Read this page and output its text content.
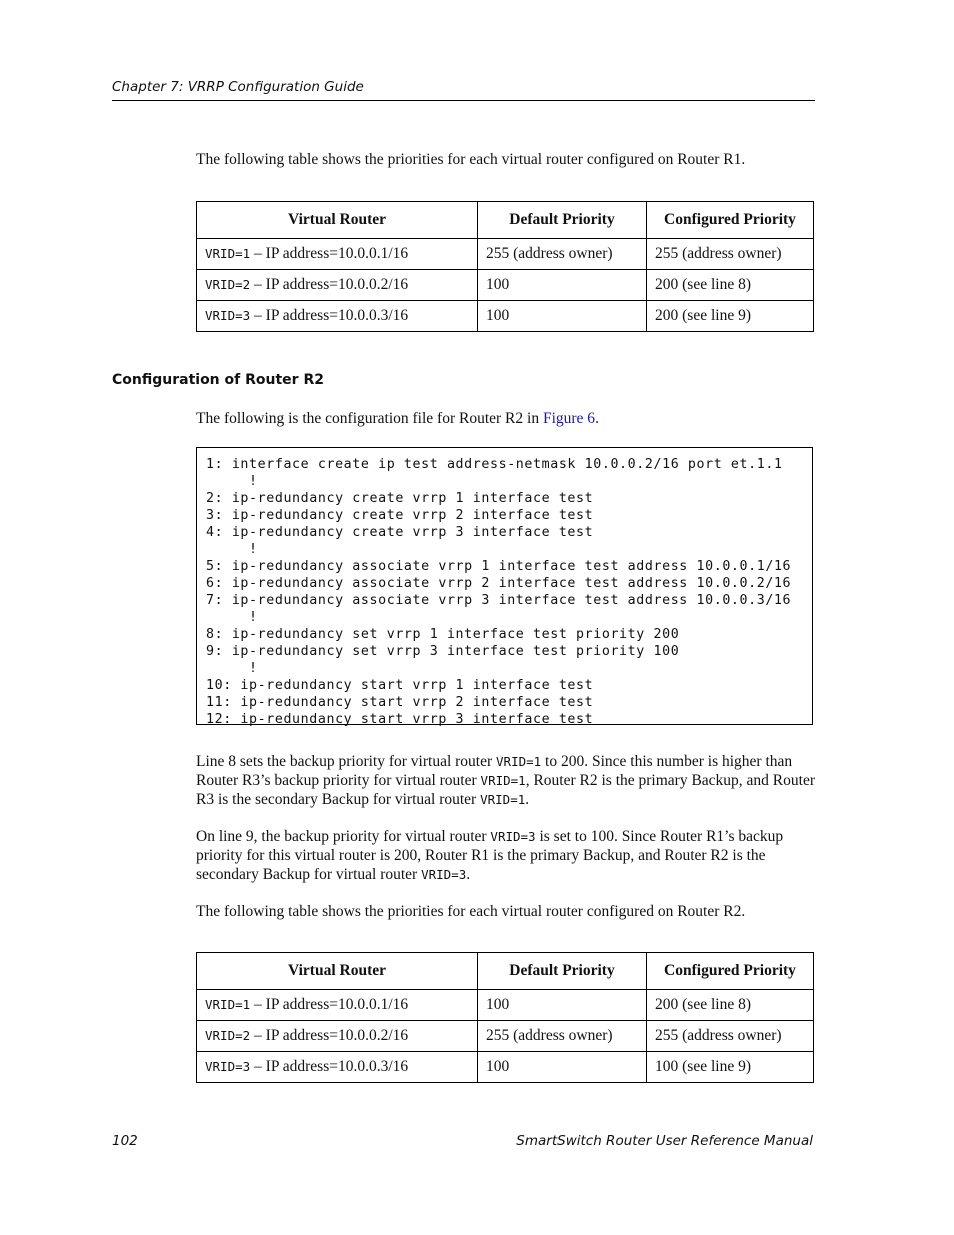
Chapter 7: VRRP Configuration Guide
The following table shows the priorities for each virtual router configured on Router R1.
Virtual Router	Default Priority	Configured Priority
VRID=1 – IP address=10.0.0.1/16	255 (address owner)	255 (address owner)
VRID=2 – IP address=10.0.0.2/16	100	200 (see line 8)
VRID=3 – IP address=10.0.0.3/16	100	200 (see line 9)
Configuration of Router R2
The following is the configuration file for Router R2 in Figure 6.
1: interface create ip test address-netmask 10.0.0.2/16 port et.1.1
!
2: ip-redundancy create vrrp 1 interface test
3: ip-redundancy create vrrp 2 interface test
4: ip-redundancy create vrrp 3 interface test
!
5: ip-redundancy associate vrrp 1 interface test address 10.0.0.1/16
6: ip-redundancy associate vrrp 2 interface test address 10.0.0.2/16
7: ip-redundancy associate vrrp 3 interface test address 10.0.0.3/16
!
8: ip-redundancy set vrrp 1 interface test priority 200
9: ip-redundancy set vrrp 3 interface test priority 100
!
10: ip-redundancy start vrrp 1 interface test
11: ip-redundancy start vrrp 2 interface test
12: ip-redundancy start vrrp 3 interface test
Line 8 sets the backup priority for virtual router VRID=1 to 200. Since this number is higher than Router R3’s backup priority for virtual router VRID=1, Router R2 is the primary Backup, and Router R3 is the secondary Backup for virtual router VRID=1.
On line 9, the backup priority for virtual router VRID=3 is set to 100. Since Router R1’s backup priority for this virtual router is 200, Router R1 is the primary Backup, and Router R2 is the secondary Backup for virtual router VRID=3.
The following table shows the priorities for each virtual router configured on Router R2.
Virtual Router	Default Priority	Configured Priority
VRID=1 – IP address=10.0.0.1/16	100	200 (see line 8)
VRID=2 – IP address=10.0.0.2/16	255 (address owner)	255 (address owner)
VRID=3 – IP address=10.0.0.3/16	100	100 (see line 9)
102	SmartSwitch Router User Reference Manual
